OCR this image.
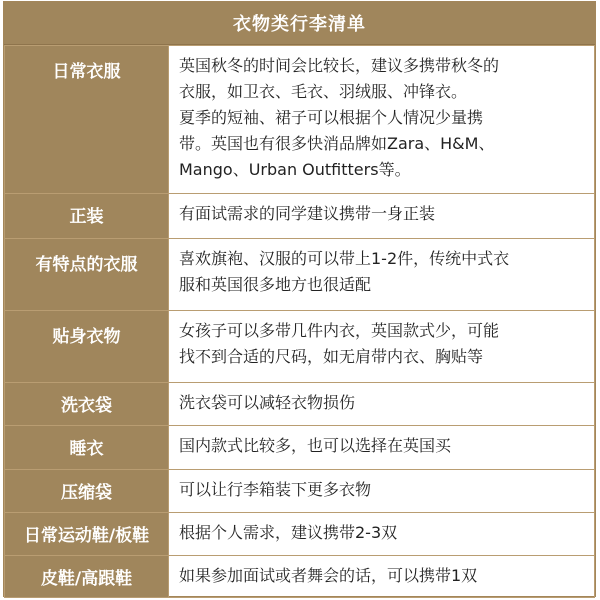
衣物类行李清单
日常衣服	英国秋冬的时间会比较长，建议多携带秋冬的
衣服，如卫衣、毛衣、羽绒服、冲锋衣。
夏季的短袖、裙子可以根据个人情况少量携
带。英国也有很多快消品牌如Zara、H&M、
Mango、Urban Outfitters等。

正装	有面试需求的同学建议携带一身正装

有特点的衣服	喜欢旗袍、汉服的可以带上1-2件，传统中式衣
服和英国很多地方也很适配

贴身衣物	女孩子可以多带几件内衣，英国款式少，可能
找不到合适的尺码，如无肩带内衣、胸贴等

洗衣袋	洗衣袋可以减轻衣物损伤

睡衣	国内款式比较多，也可以选择在英国买

压缩袋	可以让行李箱装下更多衣物

日常运动鞋/板鞋	根据个人需求，建议携带2-3双

皮鞋/高跟鞋	如果参加面试或者舞会的话，可以携带1双
